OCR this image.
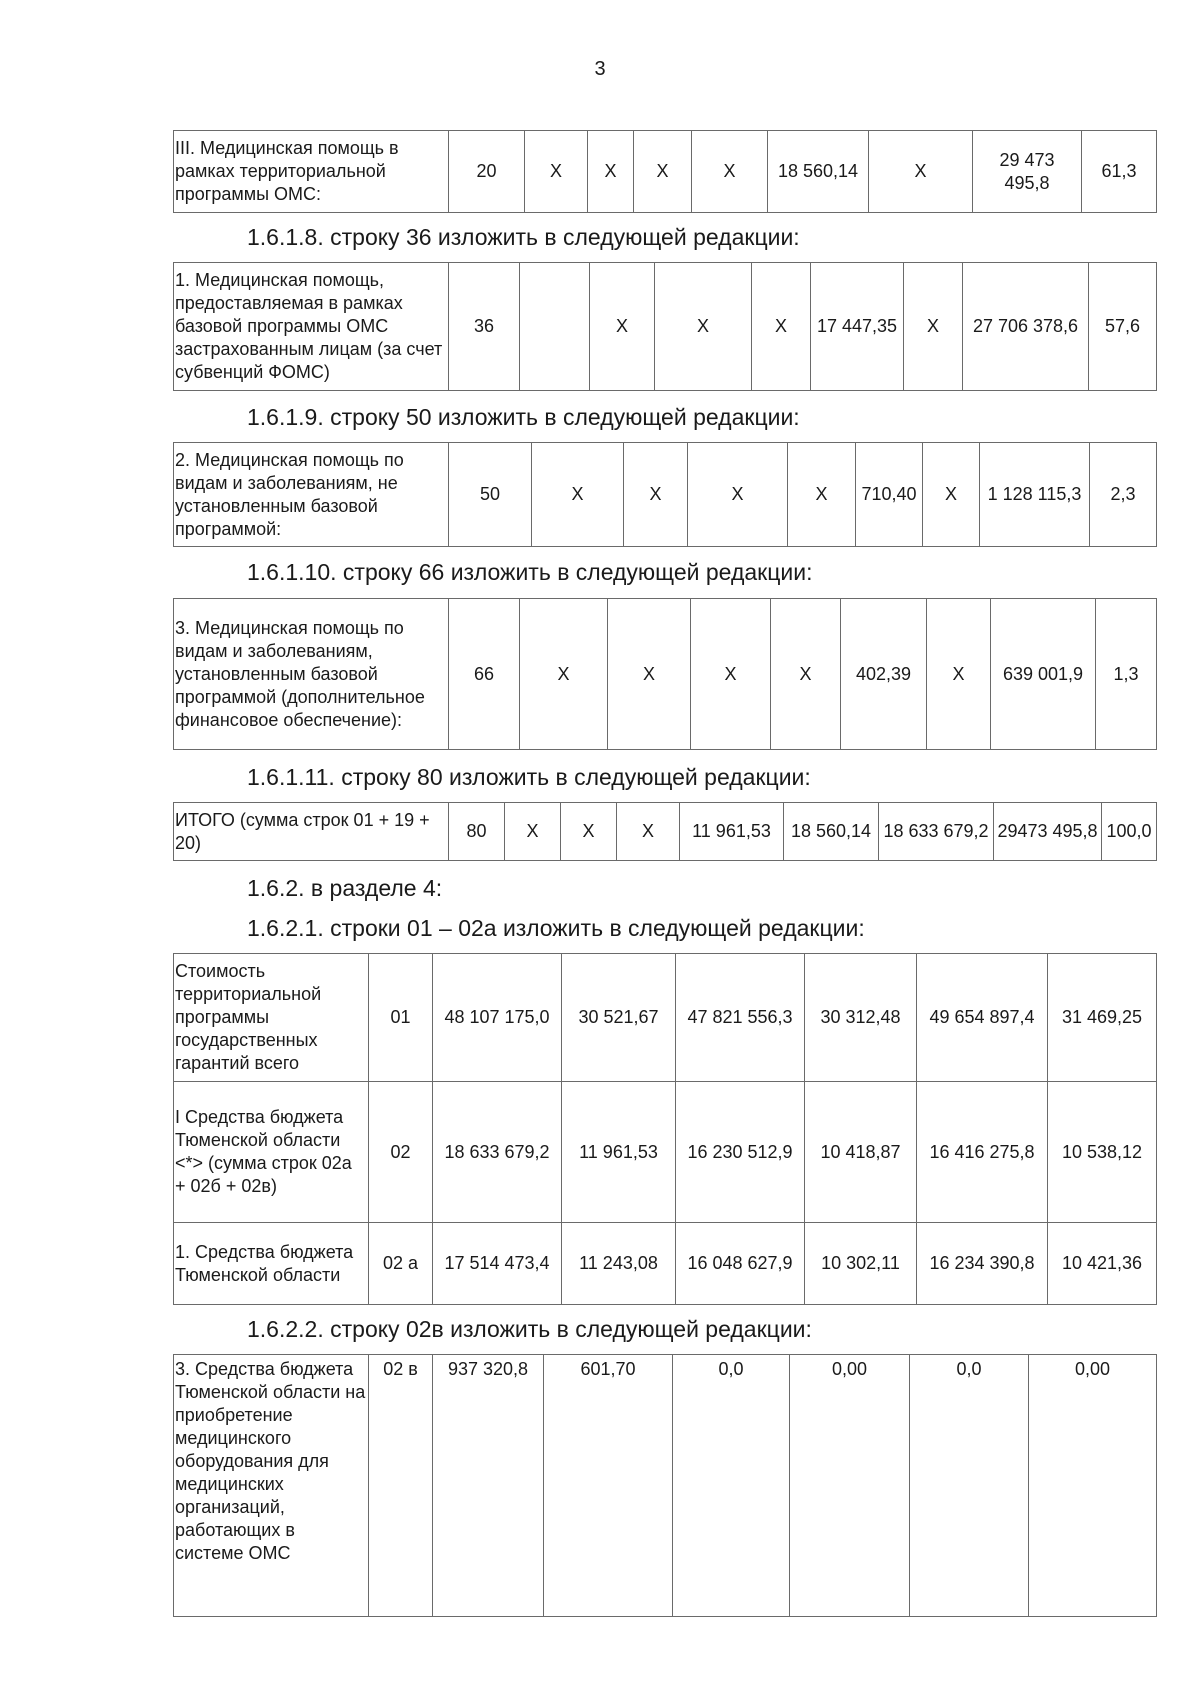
3
III. Медицинская помощь в рамках территориальной программы ОМС:	20	X	X	X	X	18 560,14	X	29 473 495,8	61,3
1.6.1.8. строку 36 изложить в следующей редакции:
1. Медицинская помощь, предоставляемая в рамках базовой программы ОМС застрахованным лицам (за счет субвенций ФОМС)	36		X	X	X	17 447,35	X	27 706 378,6	57,6
1.6.1.9. строку 50 изложить в следующей редакции:
2. Медицинская помощь по видам и заболеваниям, не установленным базовой программой:	50	X	X	X	X	710,40	X	1 128 115,3	2,3
1.6.1.10. строку 66 изложить в следующей редакции:
3. Медицинская помощь по видам и заболеваниям, установленным базовой программой (дополнительное финансовое обеспечение):	66	X	X	X	X	402,39	X	639 001,9	1,3
1.6.1.11. строку 80 изложить в следующей редакции:
ИТОГО (сумма строк 01 + 19 + 20)	80	X	X	X	11 961,53	18 560,14	18 633 679,2	29473 495,8	100,0
1.6.2. в разделе 4:
1.6.2.1. строки 01 – 02а изложить в следующей редакции:
Стоимость территориальной программы государственных гарантий всего	01	48 107 175,0	30 521,67	47 821 556,3	30 312,48	49 654 897,4	31 469,25
I Средства бюджета Тюменской области <*> (сумма строк 02а + 02б + 02в)	02	18 633 679,2	11 961,53	16 230 512,9	10 418,87	16 416 275,8	10 538,12
1. Средства бюджета Тюменской области	02 а	17 514 473,4	11 243,08	16 048 627,9	10 302,11	16 234 390,8	10 421,36
1.6.2.2. строку 02в изложить в следующей редакции:
3. Средства бюджета Тюменской области на приобретение медицинского оборудования для медицинских организаций, работающих в системе ОМС	02 в	937 320,8	601,70	0,0	0,00	0,0	0,00
